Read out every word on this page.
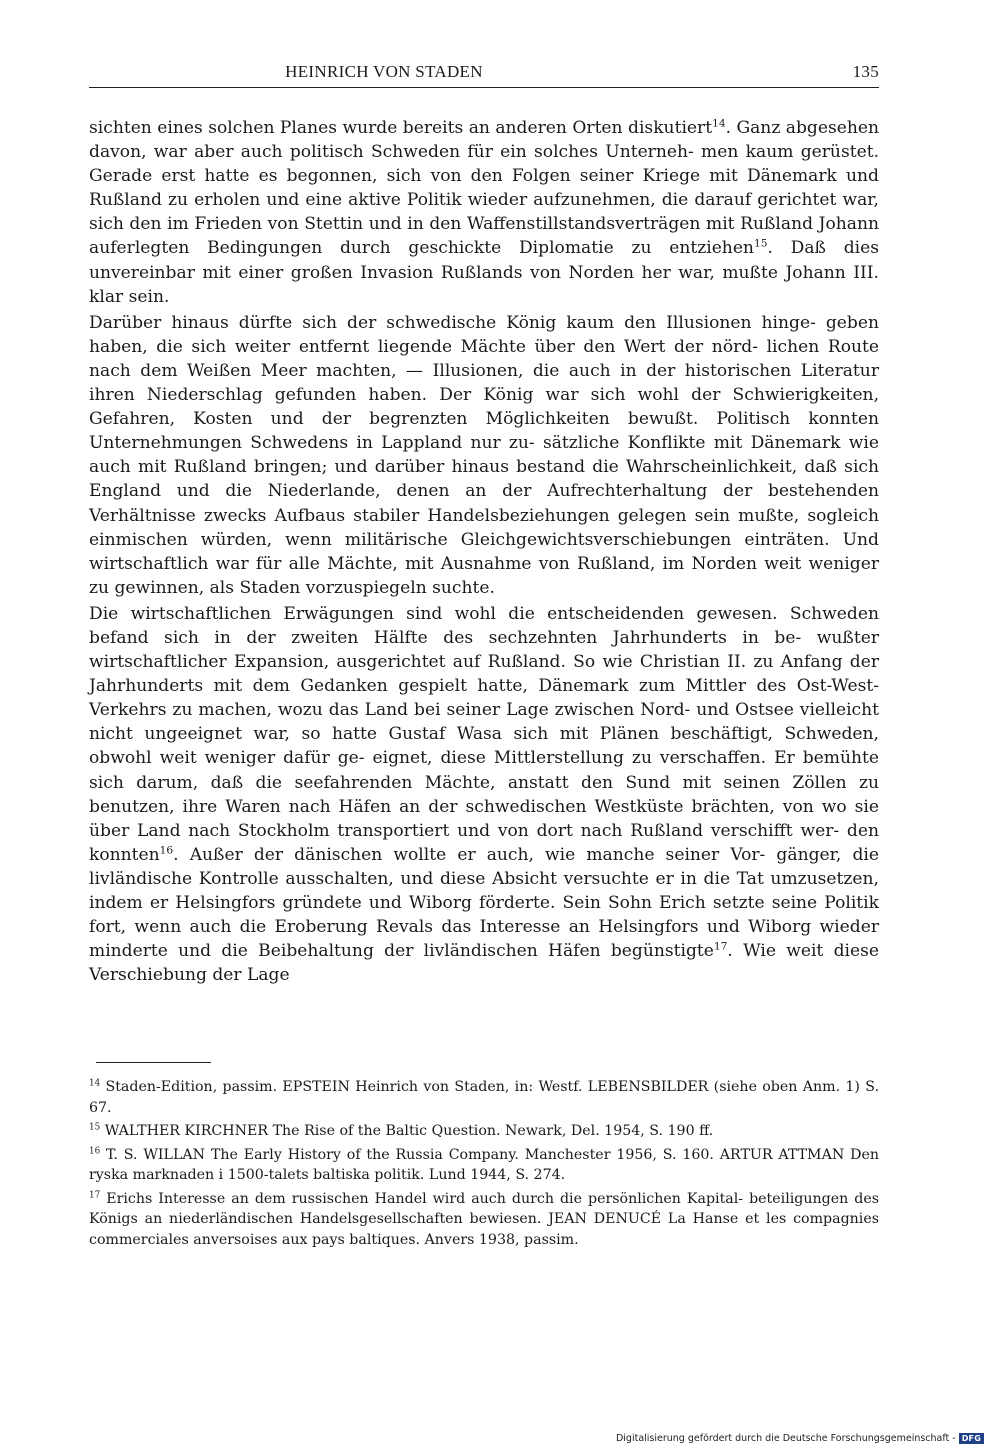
HEINRICH VON STADEN	135

sichten eines solchen Planes wurde bereits an anderen Orten diskutiert$^{14}$. Ganz abgesehen davon, war aber auch politisch Schweden für ein solches Unterneh- men kaum gerüstet. Gerade erst hatte es begonnen, sich von den Folgen seiner Kriege mit Dänemark und Rußland zu erholen und eine aktive Politik wieder aufzunehmen, die darauf gerichtet war, sich den im Frieden von Stettin und in den Waffenstillstandsverträgen mit Rußland Johann auferlegten Bedingungen durch geschickte Diplomatie zu entziehen$^{15}$. Daß dies unvereinbar mit einer großen Invasion Rußlands von Norden her war, mußte Johann III. klar sein.

Darüber hinaus dürfte sich der schwedische König kaum den Illusionen hinge- geben haben, die sich weiter entfernt liegende Mächte über den Wert der nörd- lichen Route nach dem Weißen Meer machten, — Illusionen, die auch in der historischen Literatur ihren Niederschlag gefunden haben. Der König war sich wohl der Schwierigkeiten, Gefahren, Kosten und der begrenzten Möglichkeiten bewußt. Politisch konnten Unternehmungen Schwedens in Lappland nur zu- sätzliche Konflikte mit Dänemark wie auch mit Rußland bringen; und darüber hinaus bestand die Wahrscheinlichkeit, daß sich England und die Niederlande, denen an der Aufrechterhaltung der bestehenden Verhältnisse zwecks Aufbaus stabiler Handelsbeziehungen gelegen sein mußte, sogleich einmischen würden, wenn militärische Gleichgewichtsverschiebungen einträten. Und wirtschaftlich war für alle Mächte, mit Ausnahme von Rußland, im Norden weit weniger zu gewinnen, als Staden vorzuspiegeln suchte.

Die wirtschaftlichen Erwägungen sind wohl die entscheidenden gewesen. Schweden befand sich in der zweiten Hälfte des sechzehnten Jahrhunderts in be- wußter wirtschaftlicher Expansion, ausgerichtet auf Rußland. So wie Christian II. zu Anfang der Jahrhunderts mit dem Gedanken gespielt hatte, Dänemark zum Mittler des Ost-West-Verkehrs zu machen, wozu das Land bei seiner Lage zwischen Nord- und Ostsee vielleicht nicht ungeeignet war, so hatte Gustaf Wasa sich mit Plänen beschäftigt, Schweden, obwohl weit weniger dafür ge- eignet, diese Mittlerstellung zu verschaffen. Er bemühte sich darum, daß die seefahrenden Mächte, anstatt den Sund mit seinen Zöllen zu benutzen, ihre Waren nach Häfen an der schwedischen Westküste brächten, von wo sie über Land nach Stockholm transportiert und von dort nach Rußland verschifft wer- den konnten$^{16}$. Außer der dänischen wollte er auch, wie manche seiner Vor- gänger, die livländische Kontrolle ausschalten, und diese Absicht versuchte er in die Tat umzusetzen, indem er Helsingfors gründete und Wiborg förderte. Sein Sohn Erich setzte seine Politik fort, wenn auch die Eroberung Revals das Interesse an Helsingfors und Wiborg wieder minderte und die Beibehaltung der livländischen Häfen begünstigte$^{17}$. Wie weit diese Verschiebung der Lage

$^{14}$ Staden-Edition, passim. EPSTEIN Heinrich von Staden, in: Westf. LEBENSBILDER (siehe oben Anm. 1) S. 67.
$^{15}$ WALTHER KIRCHNER The Rise of the Baltic Question. Newark, Del. 1954, S. 190 ff.
$^{16}$ T. S. WILLAN The Early History of the Russia Company. Manchester 1956, S. 160. ARTUR ATTMAN Den ryska marknaden i 1500-talets baltiska politik. Lund 1944, S. 274.
$^{17}$ Erichs Interesse an dem russischen Handel wird auch durch die persönlichen Kapital- beteiligungen des Königs an niederländischen Handelsgesellschaften bewiesen. JEAN DENUCÉ La Hanse et les compagnies commerciales anversoises aux pays baltiques. Anvers 1938, passim.
Digitalisierung gefördert durch die Deutsche Forschungsgemeinschaft - DFG
